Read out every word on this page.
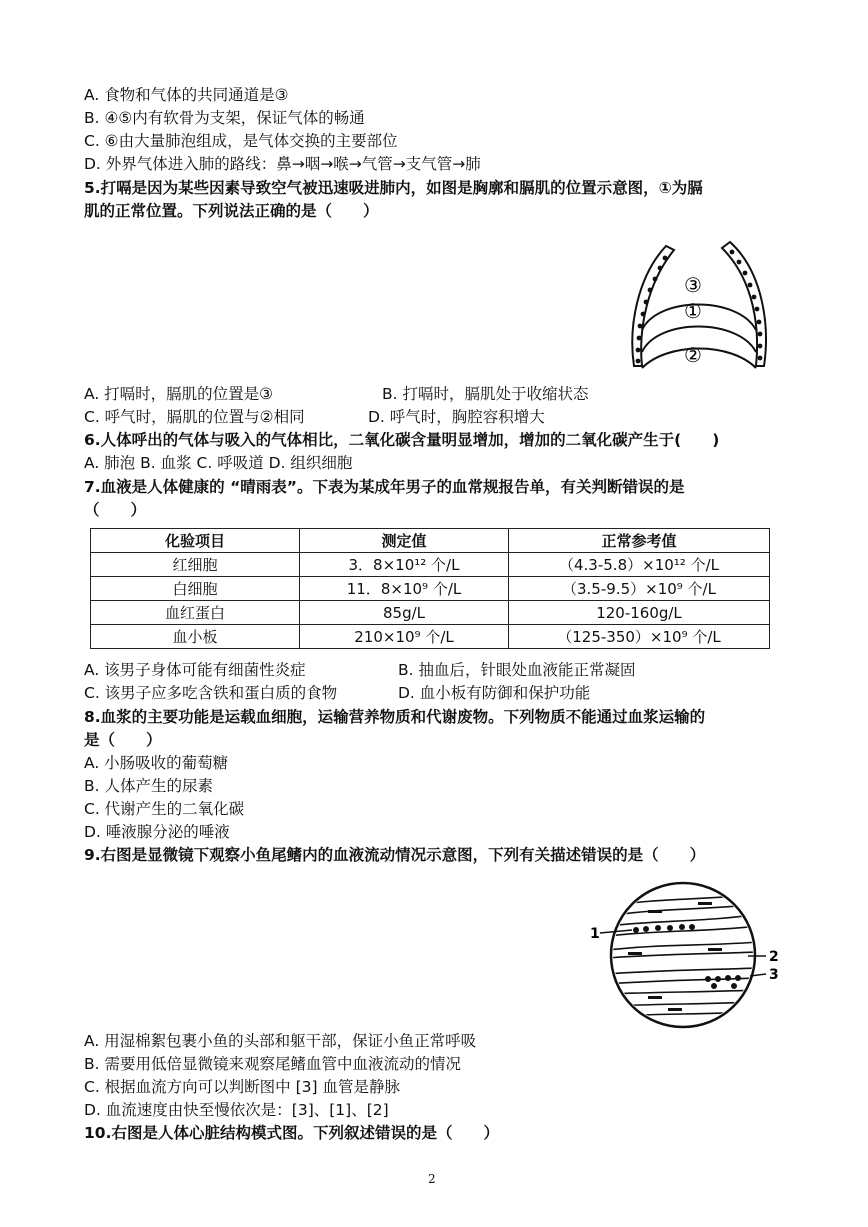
A. 食物和气体的共同通道是③
B. ④⑤内有软骨为支架，保证气体的畅通
C. ⑥由大量肺泡组成，是气体交换的主要部位
D. 外界气体进入肺的路线：鼻→咽→喉→气管→支气管→肺
5.打嗝是因为某些因素导致空气被迅速吸进肺内，如图是胸廓和膈肌的位置示意图，①为膈
肌的正常位置。下列说法正确的是（　　）
③
①
②
A. 打嗝时，膈肌的位置是③	B. 打嗝时，膈肌处于收缩状态
C. 呼气时，膈肌的位置与②相同	D. 呼气时，胸腔容积增大
6.人体呼出的气体与吸入的气体相比，二氧化碳含量明显增加，增加的二氧化碳产生于(　　)
A. 肺泡 B. 血浆 C. 呼吸道 D. 组织细胞
7.血液是人体健康的 “晴雨表”。下表为某成年男子的血常规报告单，有关判断错误的是
（　　）
化验项目	测定值	正常参考值
红细胞	3．8×10¹² 个/L	（4.3-5.8）×10¹² 个/L
白细胞	11．8×10⁹ 个/L	（3.5-9.5）×10⁹ 个/L
血红蛋白	85g/L	120-160g/L
血小板	210×10⁹ 个/L	（125-350）×10⁹ 个/L
A. 该男子身体可能有细菌性炎症	B. 抽血后，针眼处血液能正常凝固
C. 该男子应多吃含铁和蛋白质的食物	D. 血小板有防御和保护功能
8.血浆的主要功能是运载血细胞，运输营养物质和代谢废物。下列物质不能通过血浆运输的
是（　　）
A. 小肠吸收的葡萄糖
B. 人体产生的尿素
C. 代谢产生的二氧化碳
D. 唾液腺分泌的唾液
9.右图是显微镜下观察小鱼尾鳍内的血液流动情况示意图，下列有关描述错误的是（　　）
1
2
3
A. 用湿棉絮包裹小鱼的头部和躯干部，保证小鱼正常呼吸
B. 需要用低倍显微镜来观察尾鳍血管中血液流动的情况
C. 根据血流方向可以判断图中 [3] 血管是静脉
D. 血流速度由快至慢依次是：[3]、[1]、[2]
10.右图是人体心脏结构模式图。下列叙述错误的是（　　）
2
